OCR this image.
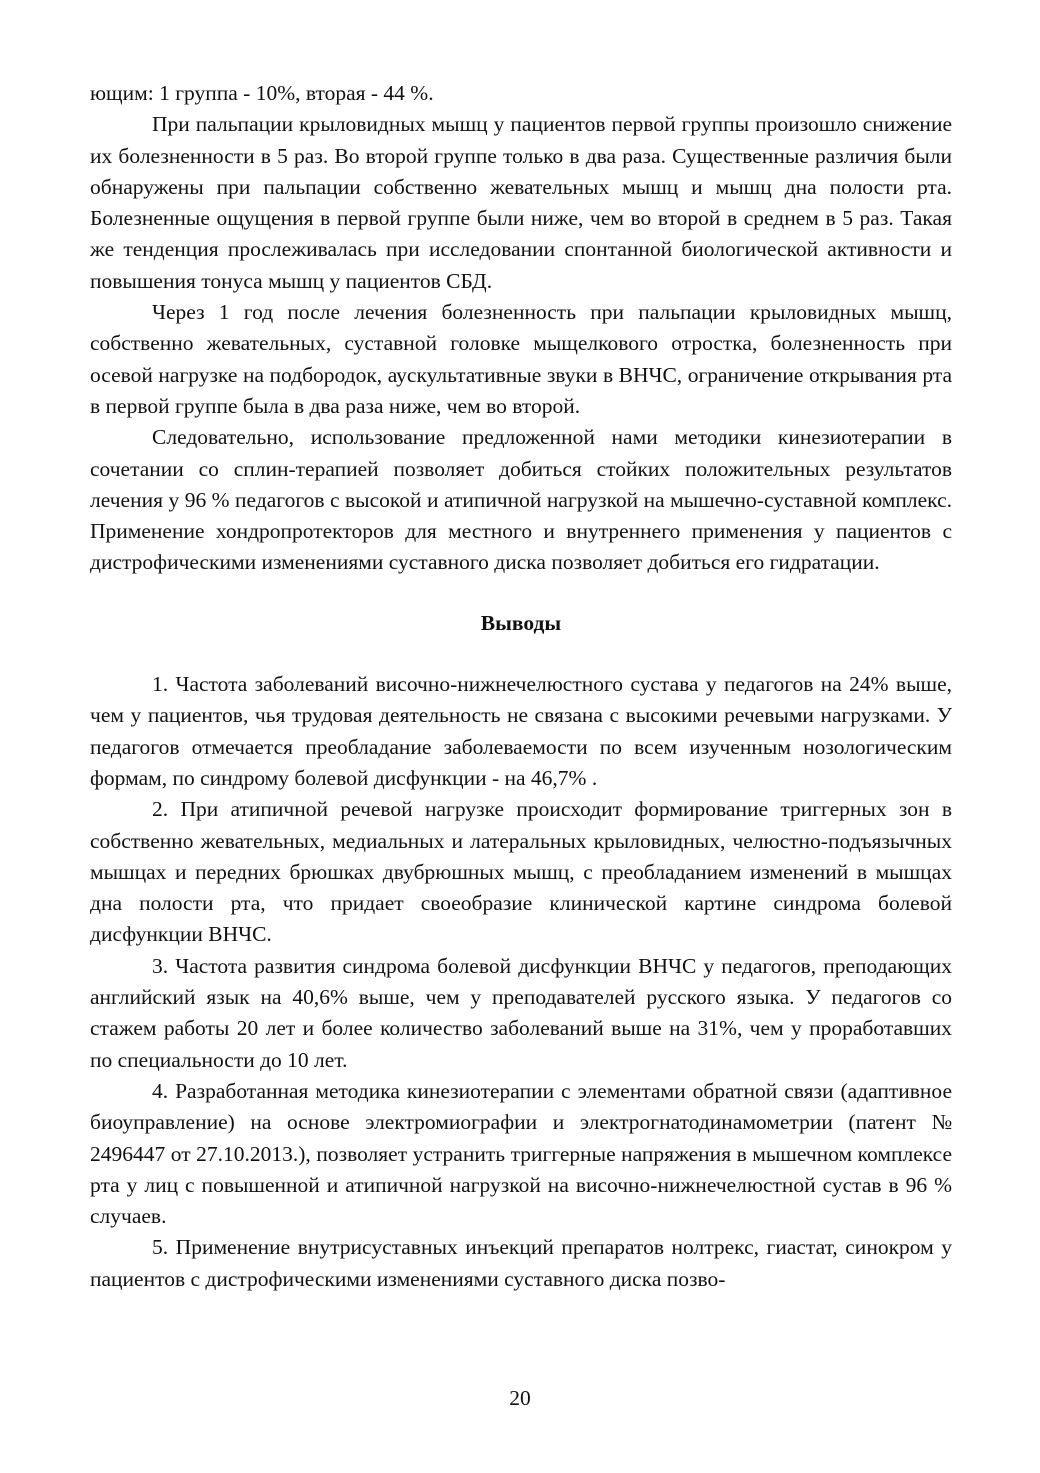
ющим: 1 группа - 10%, вторая - 44 %.

При пальпации крыловидных мышц у пациентов первой группы произошло снижение их болезненности в 5 раз. Во второй группе только в два раза. Существенные различия были обнаружены при пальпации собственно жевательных мышц и мышц дна полости рта. Болезненные ощущения в первой группе были ниже, чем во второй в среднем в 5 раз. Такая же тенденция прослеживалась при исследовании спонтанной биологической активности и повышения тонуса мышц у пациентов СБД.

Через 1 год после лечения болезненность при пальпации крыловидных мышц, собственно жевательных, суставной головке мыщелкового отростка, болезненность при осевой нагрузке на подбородок, аускультативные звуки в ВНЧС, ограничение открывания рта в первой группе была в два раза ниже, чем во второй.

Следовательно, использование предложенной нами методики кинезиотерапии в сочетании со сплин-терапией позволяет добиться стойких положительных результатов лечения у 96 % педагогов с высокой и атипичной нагрузкой на мышечно-суставной комплекс. Применение хондропротекторов для местного и внутреннего применения у пациентов с дистрофическими изменениями суставного диска позволяет добиться его гидратации.

Выводы

1. Частота заболеваний височно-нижнечелюстного сустава у педагогов на 24% выше, чем у пациентов, чья трудовая деятельность не связана с высокими речевыми нагрузками. У педагогов отмечается преобладание заболеваемости по всем изученным нозологическим формам, по синдрому болевой дисфункции - на 46,7% .

2. При атипичной речевой нагрузке происходит формирование триггерных зон в собственно жевательных, медиальных и латеральных крыловидных, челюстно-подъязычных мышцах и передних брюшках двубрюшных мышц, с преобладанием изменений в мышцах дна полости рта, что придает своеобразие клинической картине синдрома болевой дисфункции ВНЧС.

3. Частота развития синдрома болевой дисфункции ВНЧС у педагогов, преподающих английский язык на 40,6% выше, чем у преподавателей русского языка. У педагогов со стажем работы 20 лет и более количество заболеваний выше на 31%, чем у проработавших по специальности до 10 лет.

4. Разработанная методика кинезиотерапии с элементами обратной связи (адаптивное биоуправление) на основе электромиографии и электрогнатодинамометрии (патент № 2496447 от 27.10.2013.), позволяет устранить триггерные напряжения в мышечном комплексе рта у лиц с повышенной и атипичной нагрузкой на височно-нижнечелюстной сустав в 96 % случаев.

5. Применение внутрисуставных инъекций препаратов нолтрекс, гиастат, синокром у пациентов с дистрофическими изменениями суставного диска позво-

20
